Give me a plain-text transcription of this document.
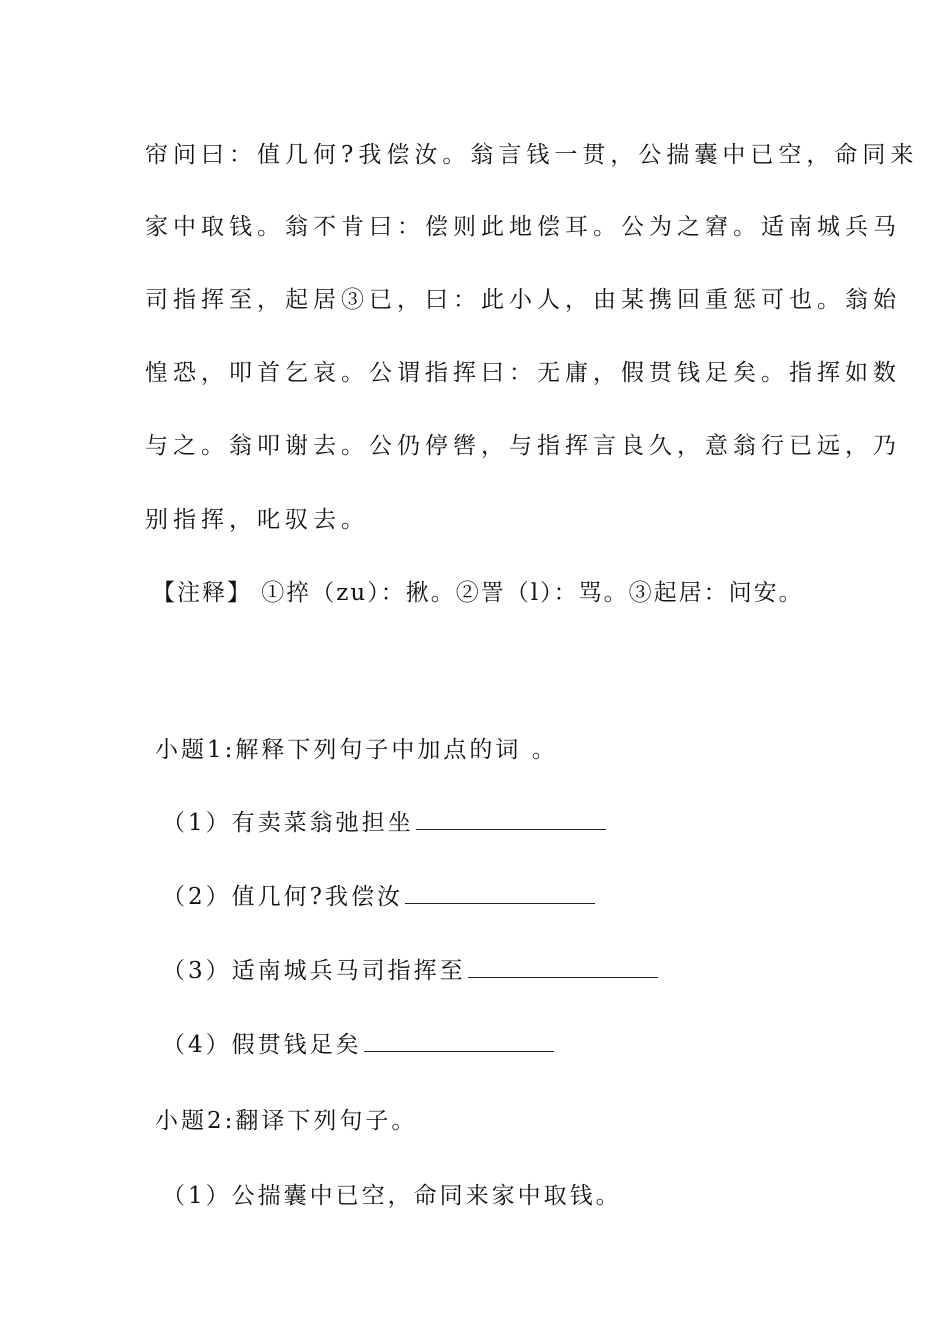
帘问曰：值几何?我偿汝。翁言钱一贯，公揣囊中已空，命同来
家中取钱。翁不肯曰：偿则此地偿耳。公为之窘。适南城兵马
司指挥至，起居③已，曰：此小人，由某携回重惩可也。翁始
惶恐，叩首乞哀。公谓指挥曰：无庸，假贯钱足矣。指挥如数
与之。翁叩谢去。公仍停辔，与指挥言良久，意翁行已远，乃
别指挥，叱驭去。
【注释】 ①捽（zu）：揪。②詈（l）：骂。③起居：问安。
小题1:解释下列句子中加点的词 。
（1）有卖菜翁弛担坐
（2）值几何?我偿汝
（3）适南城兵马司指挥至
（4）假贯钱足矣
小题2:翻译下列句子。
（1）公揣囊中已空，命同来家中取钱。
